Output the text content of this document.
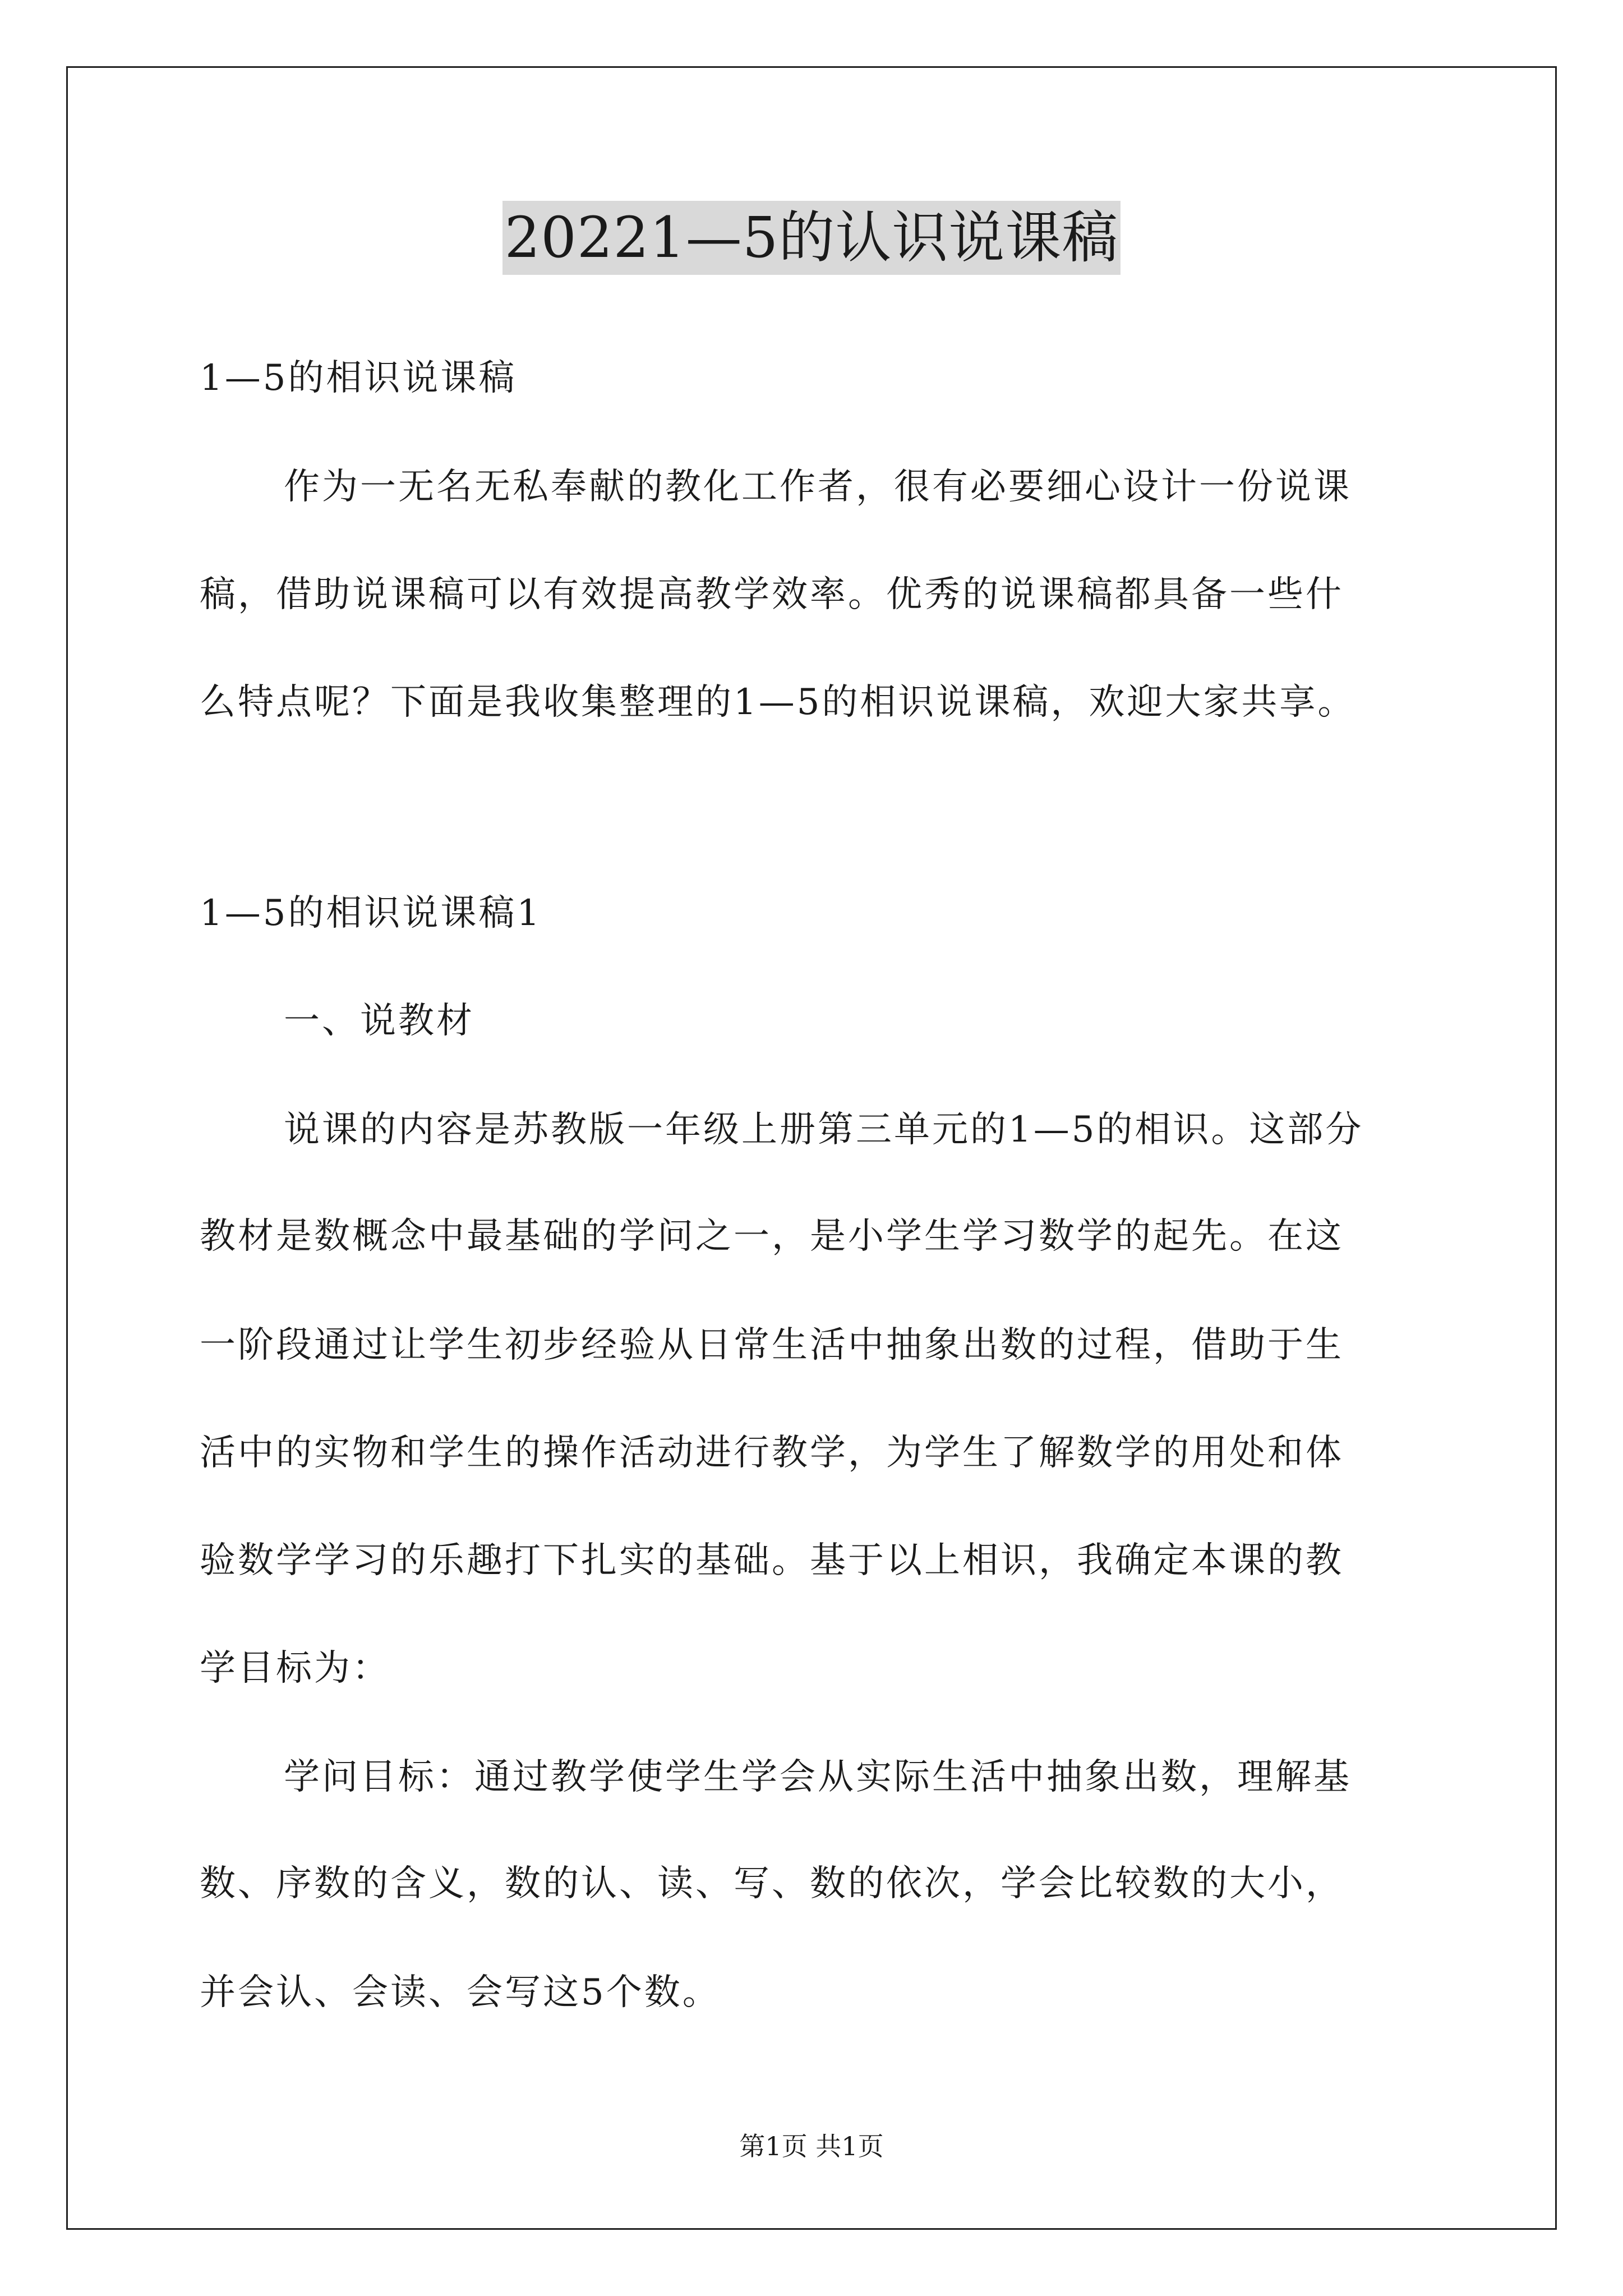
20221—5的认识说课稿
1—5的相识说课稿
作为一无名无私奉献的教化工作者，很有必要细心设计一份说课
稿，借助说课稿可以有效提高教学效率。优秀的说课稿都具备一些什
么特点呢？下面是我收集整理的1—5的相识说课稿，欢迎大家共享。
1—5的相识说课稿1
一、说教材
说课的内容是苏教版一年级上册第三单元的1—5的相识。这部分
教材是数概念中最基础的学问之一，是小学生学习数学的起先。在这
一阶段通过让学生初步经验从日常生活中抽象出数的过程，借助于生
活中的实物和学生的操作活动进行教学，为学生了解数学的用处和体
验数学学习的乐趣打下扎实的基础。基于以上相识，我确定本课的教
学目标为：
学问目标：通过教学使学生学会从实际生活中抽象出数，理解基
数、序数的含义，数的认、读、写、数的依次，学会比较数的大小，
并会认、会读、会写这5个数。
第1页 共1页
